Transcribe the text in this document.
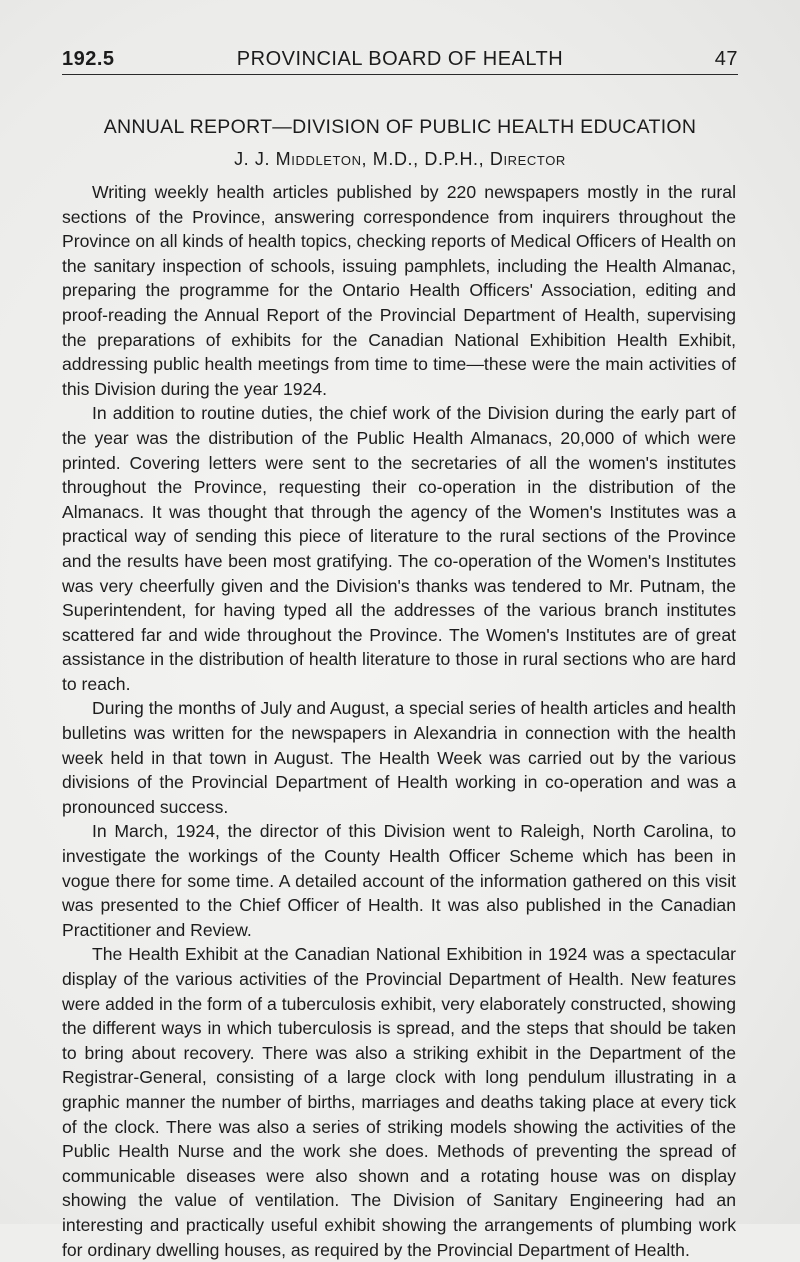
19⁠2.5	PROVINCIAL BOARD OF HEALTH	47
ANNUAL REPORT—DIVISION OF PUBLIC HEALTH EDUCATION
J. J. Middleton, M.D., D.P.H., Director

Writing weekly health articles published by 220 newspapers mostly in the rural sections of the Province, answering correspondence from inquirers throughout the Province on all kinds of health topics, checking reports of Medical Officers of Health on the sanitary inspection of schools, issuing pamphlets, including the Health Almanac, preparing the programme for the Ontario Health Officers' Association, editing and proof-reading the Annual Report of the Provincial Department of Health, supervising the preparations of exhibits for the Canadian National Exhibition Health Exhibit, addressing public health meetings from time to time—these were the main activities of this Division during the year 1924.

In addition to routine duties, the chief work of the Division during the early part of the year was the distribution of the Public Health Almanacs, 20,000 of which were printed. Covering letters were sent to the secretaries of all the women's institutes throughout the Province, requesting their co-operation in the distribution of the Almanacs. It was thought that through the agency of the Women's Institutes was a practical way of sending this piece of literature to the rural sections of the Province and the results have been most gratifying. The co-operation of the Women's Institutes was very cheerfully given and the Division's thanks was tendered to Mr. Putnam, the Superintendent, for having typed all the addresses of the various branch institutes scattered far and wide throughout the Province. The Women's Institutes are of great assistance in the distribution of health literature to those in rural sections who are hard to reach.

During the months of July and August, a special series of health articles and health bulletins was written for the newspapers in Alexandria in connection with the health week held in that town in August. The Health Week was carried out by the various divisions of the Provincial Department of Health working in co-operation and was a pronounced success.

In March, 1924, the director of this Division went to Raleigh, North Carolina, to investigate the workings of the County Health Officer Scheme which has been in vogue there for some time. A detailed account of the information gathered on this visit was presented to the Chief Officer of Health. It was also published in the Canadian Practitioner and Review.

The Health Exhibit at the Canadian National Exhibition in 1924 was a spectacular display of the various activities of the Provincial Department of Health. New features were added in the form of a tuberculosis exhibit, very elaborately constructed, showing the different ways in which tuberculosis is spread, and the steps that should be taken to bring about recovery. There was also a striking exhibit in the Department of the Registrar-General, consisting of a large clock with long pendulum illustrating in a graphic manner the number of births, marriages and deaths taking place at every tick of the clock. There was also a series of striking models showing the activities of the Public Health Nurse and the work she does. Methods of preventing the spread of communicable diseases were also shown and a rotating house was on display showing the value of ventilation. The Division of Sanitary Engineering had an interesting and practically useful exhibit showing the arrangements of plumbing work for ordinary dwelling houses, as required by the Provincial Department of Health.
